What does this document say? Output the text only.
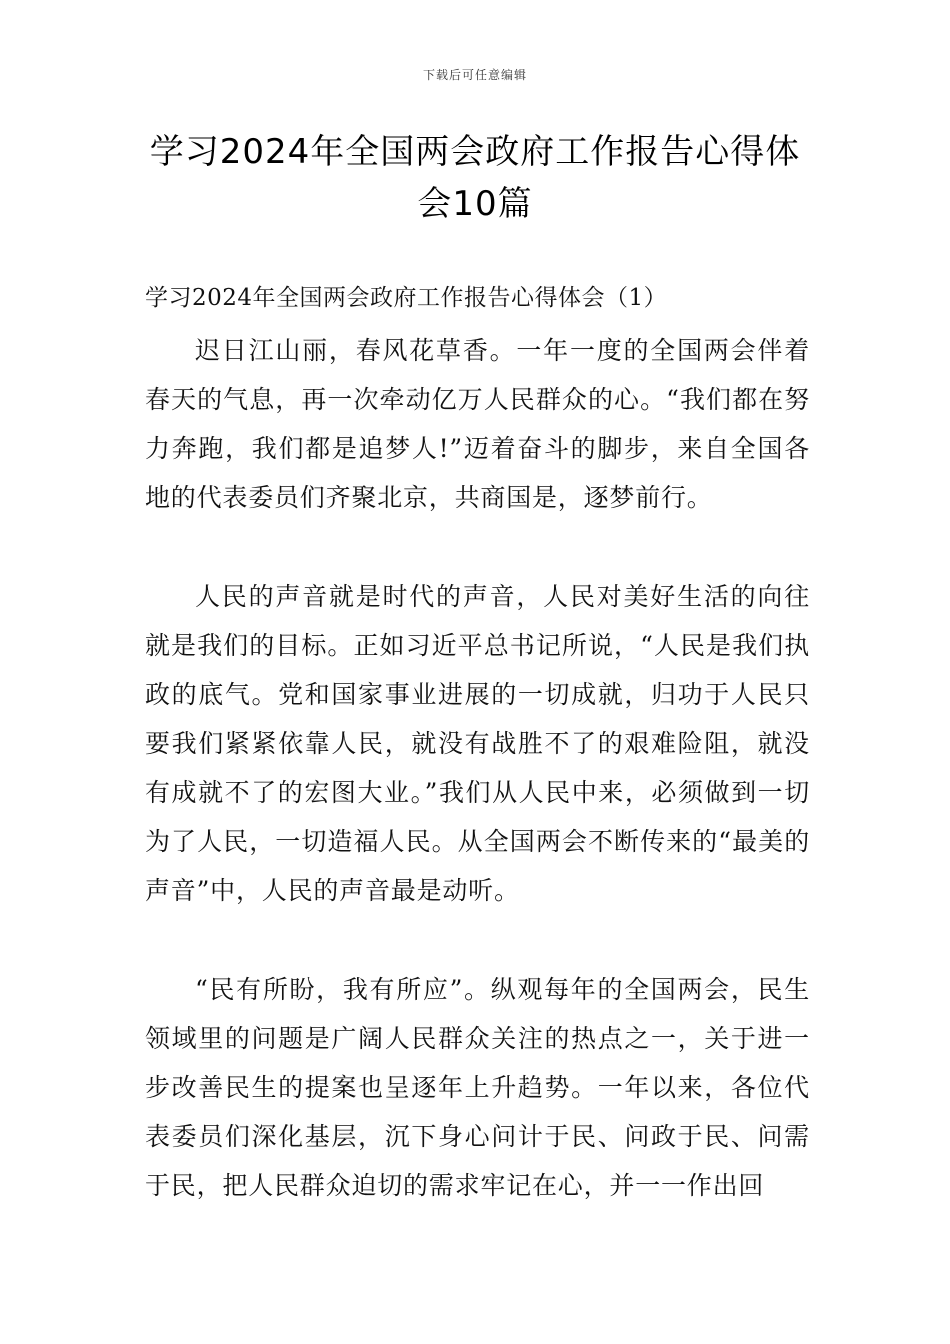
下载后可任意编辑
学习2024年全国两会政府工作报告心得体会10篇

学习2024年全国两会政府工作报告心得体会（1）

迟日江山丽，春风花草香。一年一度的全国两会伴着春天的气息，再一次牵动亿万人民群众的心。“我们都在努力奔跑，我们都是追梦人!”迈着奋斗的脚步，来自全国各地的代表委员们齐聚北京，共商国是，逐梦前行。

人民的声音就是时代的声音，人民对美好生活的向往就是我们的目标。正如习近平总书记所说，“人民是我们执政的底气。党和国家事业进展的一切成就，归功于人民只要我们紧紧依靠人民，就没有战胜不了的艰难险阻，就没有成就不了的宏图大业。”我们从人民中来，必须做到一切为了人民，一切造福人民。从全国两会不断传来的“最美的声音”中，人民的声音最是动听。

“民有所盼，我有所应”。纵观每年的全国两会，民生领域里的问题是广阔人民群众关注的热点之一，关于进一步改善民生的提案也呈逐年上升趋势。一年以来，各位代表委员们深化基层，沉下身心问计于民、问政于民、问需于民，把人民群众迫切的需求牢记在心，并一一作出回
